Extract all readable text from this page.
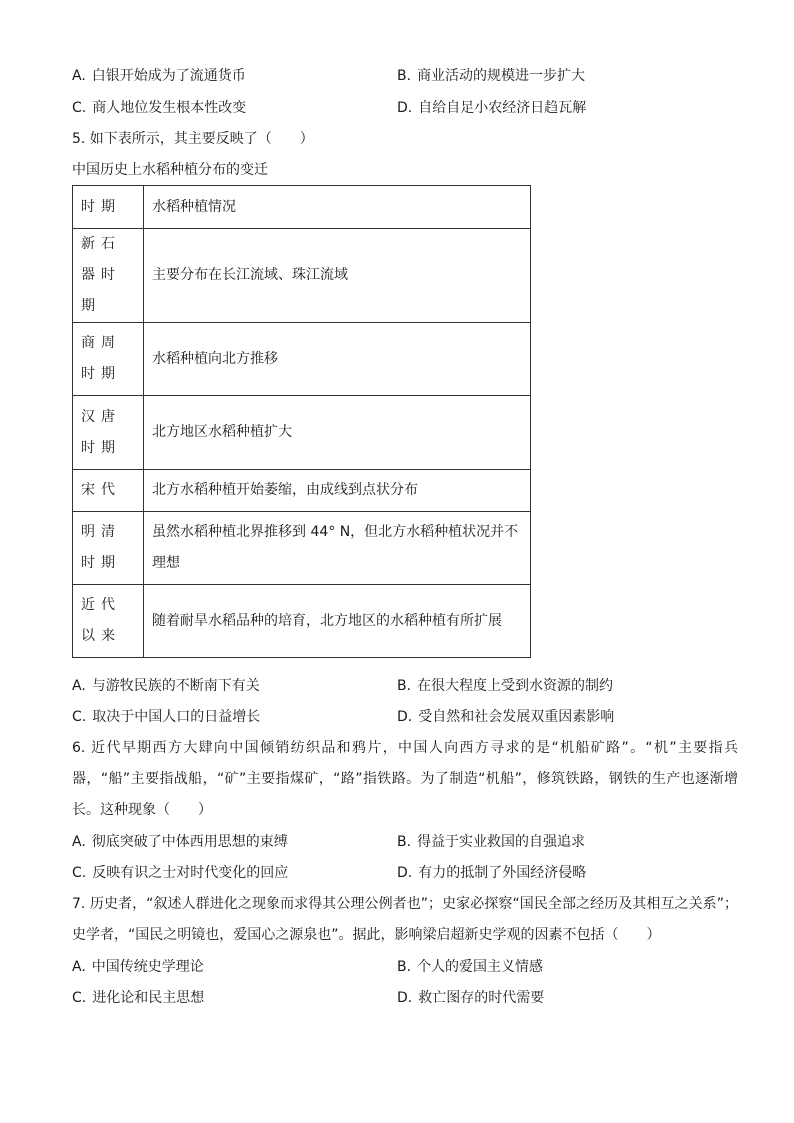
A. 白银开始成为了流通货币	B. 商业活动的规模进一步扩大
C. 商人地位发生根本性改变	D. 自给自足小农经济日趋瓦解
5. 如下表所示，其主要反映了（　　）
中国历史上水稻种植分布的变迁
时期	水稻种植情况
新石器时期	主要分布在长江流域、珠江流域
商周时期	水稻种植向北方推移
汉唐时期	北方地区水稻种植扩大
宋代	北方水稻种植开始萎缩，由成线到点状分布
明清时期	虽然水稻种植北界推移到 44° N，但北方水稻种植状况并不理想
近代以来	随着耐旱水稻品种的培育，北方地区的水稻种植有所扩展
A. 与游牧民族的不断南下有关	B. 在很大程度上受到水资源的制约
C. 取决于中国人口的日益增长	D. 受自然和社会发展双重因素影响
6. 近代早期西方大肆向中国倾销纺织品和鸦片，中国人向西方寻求的是“机船矿路”。“机”主要指兵器，“船”主要指战船，“矿”主要指煤矿，“路”指铁路。为了制造“机船”，修筑铁路，钢铁的生产也逐渐增长。这种现象（　　）
A. 彻底突破了中体西用思想的束缚	B. 得益于实业救国的自强追求
C. 反映有识之士对时代变化的回应	D. 有力的抵制了外国经济侵略
7. 历史者，“叙述人群进化之现象而求得其公理公例者也”；史家必探察“国民全部之经历及其相互之关系”；史学者，“国民之明镜也，爱国心之源泉也”。据此，影响梁启超新史学观的因素不包括（　　）
A. 中国传统史学理论	B. 个人的爱国主义情感
C. 进化论和民主思想	D. 救亡图存的时代需要
